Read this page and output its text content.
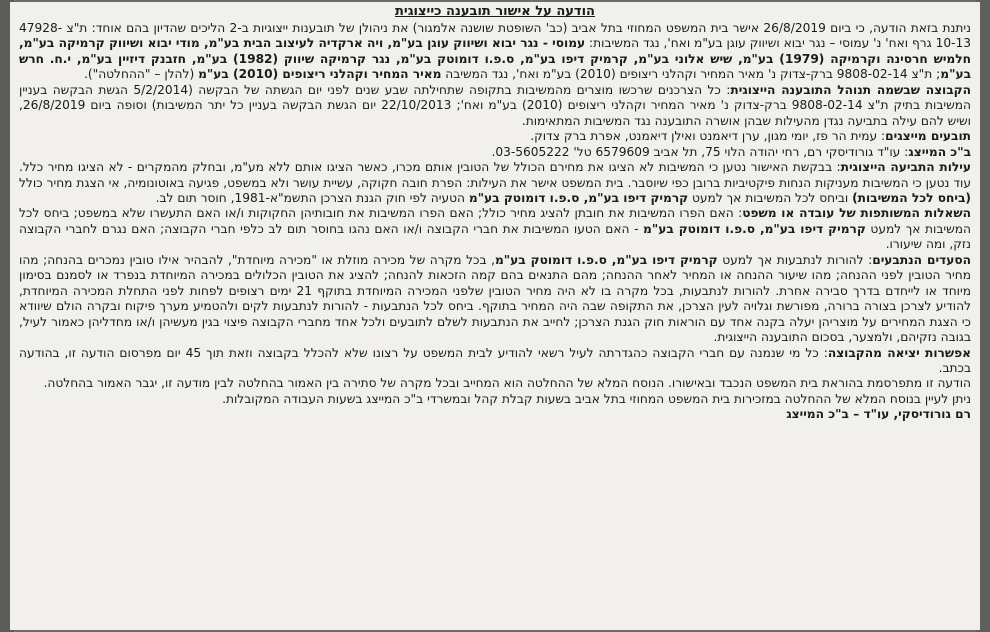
הודעה על אישור תובענה כייצוגית

ניתנת בזאת הודעה, כי ביום 26/8/2019 אישר בית המשפט המחוזי בתל אביב (כב' השופטת שושנה אלמגור) את ניהולן של תובענות ייצוגיות ב-2 הליכים שהדיון בהם אוחד: ת"צ 47928-10-13 גרף ואח' נ' עמוסי – נגר יבוא ושיווק עוגן בע"מ ואח', נגד המשיבות: עמוסי - נגר יבוא ושיווק עוגן בע"מ, ויה ארקדיה לעיצוב הבית בע"מ, מודי יבוא ושיווק קרמיקה בע"מ, חלמיש חרסינה וקרמיקה (1979) בע"מ, שיש אלוני בע"מ, קרמיק דיפו בע"מ, ס.פ.ו דומוטק בע"מ, נגר קרמיקה שיווק (1982) בע"מ, חזבנק דיזיין בע"מ, י.ח. חרש בע"מ; ת"צ 9808-02-14 ברק-צדוק נ' מאיר המחיר וקהלני ריצופים (2010) בע"מ ואח', נגד המשיבה מאיר המחיר וקהלני ריצופים (2010) בע"מ (להלן – "ההחלטה").

הקבוצה שבשמה תנוהל התובענה הייצוגית: כל הצרכנים שרכשו מוצרים מהמשיבות בתקופה שתחילתה שבע שנים לפני יום הגשתה של הבקשה (5/2/2014 הגשת הבקשה בעניין המשיבות בתיק ת"צ 9808-02-14 ברק-צדוק נ' מאיר המחיר וקהלני ריצופים (2010) בע"מ ואח'; 22/10/2013 יום הגשת הבקשה בעניין כל יתר המשיבות) וסופה ביום 26/8/2019, ושיש להם עילה בתביעה נגדן מהעילות שבהן אושרה התובענה נגד המשיבות המתאימות.

תובעים מייצגים: עמית הר פז, יומי מגון, ערן דיאמנט ואילן דיאמנט, אפרת ברק צדוק.

ב"כ המייצג: עו"ד גורודיסקי רם, רחי יהודה הלוי 75, תל אביב 6579609 טל' 03-5605222.

עילות התביעה הייצוגית: בבקשת האישור נטען כי המשיבות לא הציגו את מחירם הכולל של הטובין אותם מכרו, כאשר הציגו אותם ללא מע"מ, ובחלק מהמקרים - לא הציגו מחיר כלל. עוד נטען כי המשיבות מעניקות הנחות פיקטיביות ברובן כפי שיוסבר. בית המשפט אישר את העילות: הפרת חובה חקוקה, עשיית עושר ולא במשפט, פגיעה באוטונומיה, אי הצגת מחיר כולל (ביחס לכל המשיבות) וביחס לכל המשיבות אך למעט קרמיק דיפו בע"מ, ס.פ.ו דומוטק בע"מ הטעיה לפי חוק הגנת הצרכן התשמ"א-1981, חוסר תום לב.

השאלות המשותפות של עובדה או משפט: האם הפרו המשיבות את חובתן להציג מחיר כולל; האם הפרו המשיבות את חובותיהן החקוקות ו/או האם התעשרו שלא במשפט; ביחס לכל המשיבות אך למעט קרמיק דיפו בע"מ, ס.פ.ו דומוטק בע"מ - האם הטעו המשיבות את חברי הקבוצה ו/או האם נהגו בחוסר תום לב כלפי חברי הקבוצה; האם נגרם לחברי הקבוצה נזק, ומה שיעורו.

הסעדים הנתבעים: להורות לנתבעות אך למעט קרמיק דיפו בע"מ, ס.פ.ו דומוטק בע"מ, בכל מקרה של מכירה מוזלת או "מכירה מיוחדת", להבהיר אילו טובין נמכרים בהנחה; מהו מחיר הטובין לפני ההנחה; מהו שיעור ההנחה או המחיר לאחר ההנחה; מהם התנאים בהם קמה הזכאות להנחה; להציג את הטובין הכלולים במכירה המיוחדת בנפרד או לסמנם בסימון מיוחד או לייחדם בדרך סבירה אחרת. להורות לנתבעות, בכל מקרה בו לא היה מחיר הטובין שלפני המכירה המיוחדת בתוקף 21 ימים רצופים לפחות לפני התחלת המכירה המיוחדת, להודיע לצרכן בצורה ברורה, מפורשת וגלויה לעין הצרכן, את התקופה שבה היה המחיר בתוקף. ביחס לכל הנתבעות - להורות לנתבעות לקים ולהטמיע מערך פיקוח ובקרה הולם שיוודא כי הצגת המחירים על מוצריהן יעלה בקנה אחד עם הוראות חוק הגנת הצרכן; לחייב את הנתבעות לשלם לתובעים ולכל אחד מחברי הקבוצה פיצוי בגין מעשיהן ו/או מחדליהן כאמור לעיל, בגובה נזקיהם, ולמצער, בסכום התובענה הייצוגית.

אפשרות יציאה מהקבוצה: כל מי שנמנה עם חברי הקבוצה כהגדרתה לעיל רשאי להודיע לבית המשפט על רצונו שלא להכלל בקבוצה וזאת תוך 45 יום מפרסום הודעה זו, בהודעה בכתב.

הודעה זו מתפרסמת בהוראת בית המשפט הנכבד ובאישורו. הנוסח המלא של ההחלטה הוא המחייב ובכל מקרה של סתירה בין האמור בהחלטה לבין מודעה זו, יגבר האמור בהחלטה.

ניתן לעיין בנוסח המלא של ההחלטה במזכירות בית המשפט המחוזי בתל אביב בשעות קבלת קהל ובמשרדי ב"כ המייצג בשעות העבודה המקובלות.

רם גורודיסקי, עו"ד – ב"כ המייצג
